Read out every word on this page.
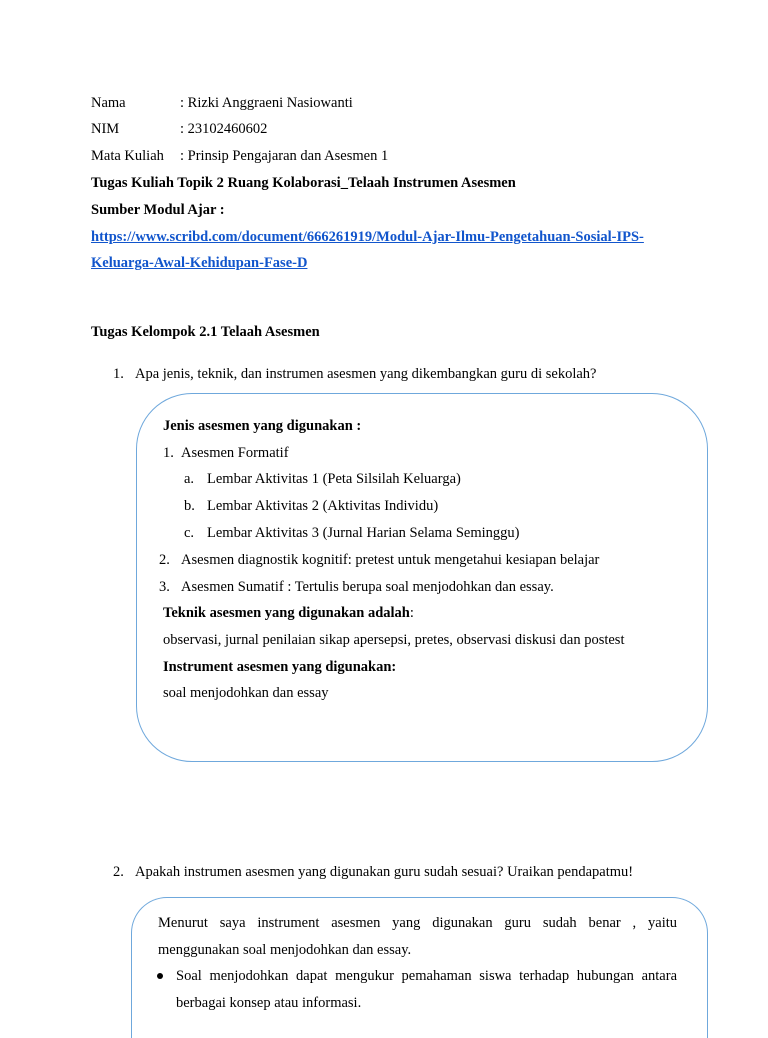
Nama	: Rizki Anggraeni Nasiowanti
NIM	: 23102460602
Mata Kuliah : Prinsip Pengajaran dan Asesmen 1
Tugas Kuliah Topik 2 Ruang Kolaborasi_Telaah Instrumen Asesmen
Sumber Modul Ajar :
https://www.scribd.com/document/666261919/Modul-Ajar-Ilmu-Pengetahuan-Sosial-IPS-
Keluarga-Awal-Kehidupan-Fase-D
Tugas Kelompok 2.1 Telaah Asesmen
1. Apa jenis, teknik, dan instrumen asesmen yang dikembangkan guru di sekolah?
Jenis asesmen yang digunakan :
1. Asesmen Formatif
a. Lembar Aktivitas 1 (Peta Silsilah Keluarga)
b. Lembar Aktivitas 2 (Aktivitas Individu)
c. Lembar Aktivitas 3 (Jurnal Harian Selama Seminggu)
2. Asesmen diagnostik kognitif: pretest untuk mengetahui kesiapan belajar
3. Asesmen Sumatif : Tertulis berupa soal menjodohkan dan essay.
Teknik asesmen yang digunakan adalah:
observasi, jurnal penilaian sikap apersepsi, pretes, observasi diskusi dan postest
Instrument asesmen yang digunakan:
soal menjodohkan dan essay
2. Apakah instrumen asesmen yang digunakan guru sudah sesuai? Uraikan pendapatmu!
Menurut saya instrument asesmen yang digunakan guru sudah benar , yaitu
menggunakan soal menjodohkan dan essay.
Soal menjodohkan dapat mengukur pemahaman siswa terhadap hubungan antara
berbagai konsep atau informasi.
